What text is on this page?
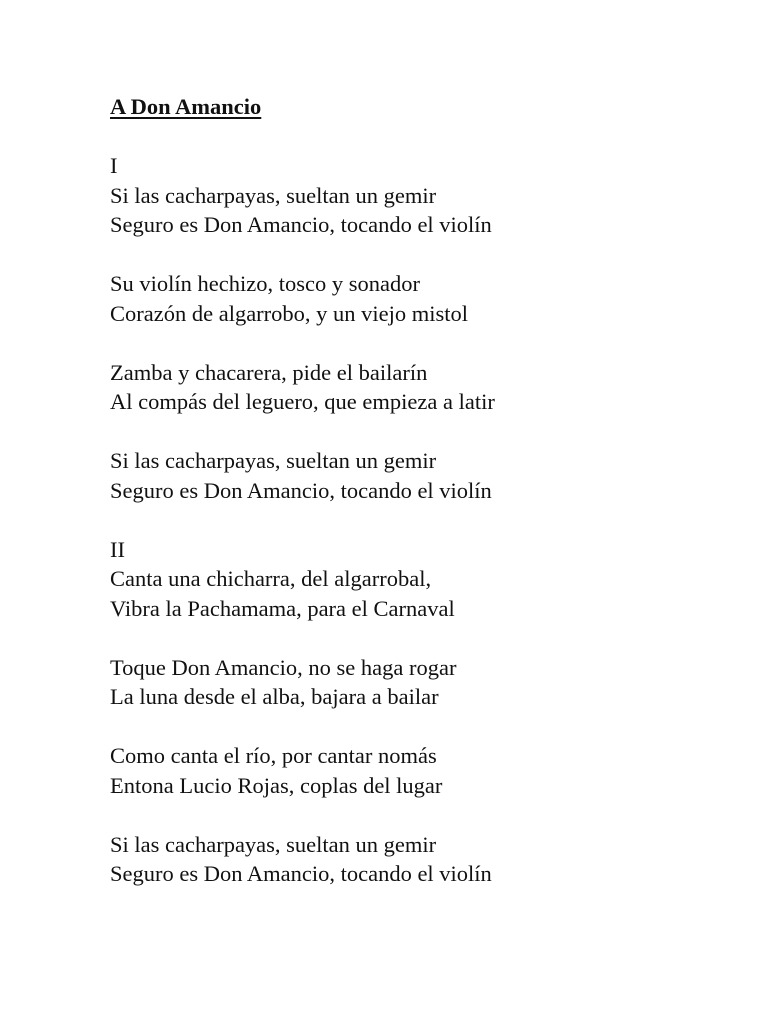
A Don Amancio
I
Si las cacharpayas, sueltan un gemir
Seguro es Don Amancio, tocando el violín
Su violín hechizo, tosco y sonador
Corazón de algarrobo, y un viejo mistol
Zamba y chacarera, pide el bailarín
Al compás del leguero, que empieza a latir
Si las cacharpayas, sueltan un gemir
Seguro es Don Amancio, tocando el violín
II
Canta una chicharra, del algarrobal,
Vibra la Pachamama, para el Carnaval
Toque Don Amancio, no se haga rogar
La luna desde el alba, bajara a bailar
Como canta el río, por cantar nomás
Entona Lucio Rojas, coplas del lugar
Si las cacharpayas, sueltan un gemir
Seguro es Don Amancio, tocando el violín
